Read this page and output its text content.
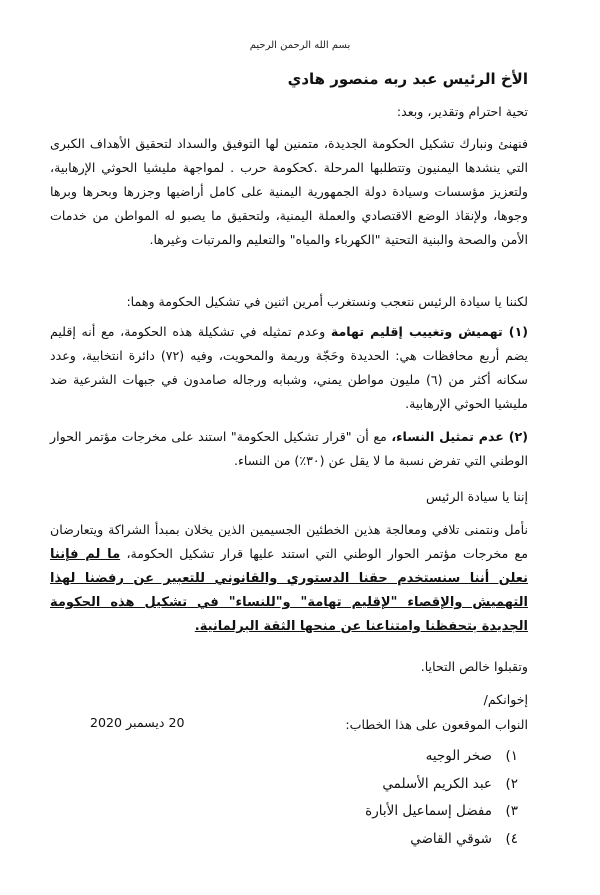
بسم الله الرحمن الرحيم
الأخ الرئيس عبد ربه منصور هادي
تحية احترام وتقدير، وبعد:
فنهنئ ونبارك تشكيل الحكومة الجديدة، متمنين لها التوفيق والسداد لتحقيق الأهداف الكبرى التي ينشدها اليمنيون وتتطلبها المرحلة .كحكومة حرب . لمواجهة مليشيا الحوثي الإرهابية، ولتعزيز مؤسسات وسيادة دولة الجمهورية اليمنية على كامل أراضيها وجزرها وبحرها وبرها وجوها، ولإنقاذ الوضع الاقتصادي والعملة اليمنية، ولتحقيق ما يصبو له المواطن من خدمات الأمن والصحة والبنية التحتية "الكهرباء والمياه" والتعليم والمرتبات وغيرها.
لكننا يا سيادة الرئيس نتعجب ونستغرب أمرين اثنين في تشكيل الحكومة وهما:
(١) تهميش وتغييب إقليم تهامة وعدم تمثيله في تشكيلة هذه الحكومة، مع أنه إقليم يضم أربع محافظات هي: الحديدة وحَجّة وريمة والمحويت، وفيه (٧٢) دائرة انتخابية، وعدد سكانه أكثر من (٦) مليون مواطن يمني، وشبابه ورجاله صامدون في جبهات الشرعية ضد مليشيا الحوثي الإرهابية.
(٢) عدم تمثيل النساء، مع أن "قرار تشكيل الحكومة" استند على مخرجات مؤتمر الحوار الوطني التي تفرض نسبة ما لا يقل عن (٣٠٪) من النساء.
إننا يا سيادة الرئيس
نأمل ونتمنى تلافي ومعالجة هذين الخطئين الجسيمين الذين يخلان بمبدأ الشراكة ويتعارضان مع مخرجات مؤتمر الحوار الوطني التي استند عليها قرار تشكيل الحكومة، ما لم فإننا نعلن أننا سنستخدم حقنا الدستوري والقانوني للتعبير عن رفضنا لهذا التهميش والإقصاء "لإقليم تهامة" و"للنساء" في تشكيل هذه الحكومة الجديدة بتحفظنا وامتناعنا عن منحها الثقة البرلمانية.
وتقبلوا خالص التحايا.
إخوانكم/
النواب الموقعون على هذا الخطاب:
20 ديسمبر 2020
١)صخر الوجيه
٢)عبد الكريم الأسلمي
٣)مفضل إسماعيل الأبارة
٤)شوقي القاضي
